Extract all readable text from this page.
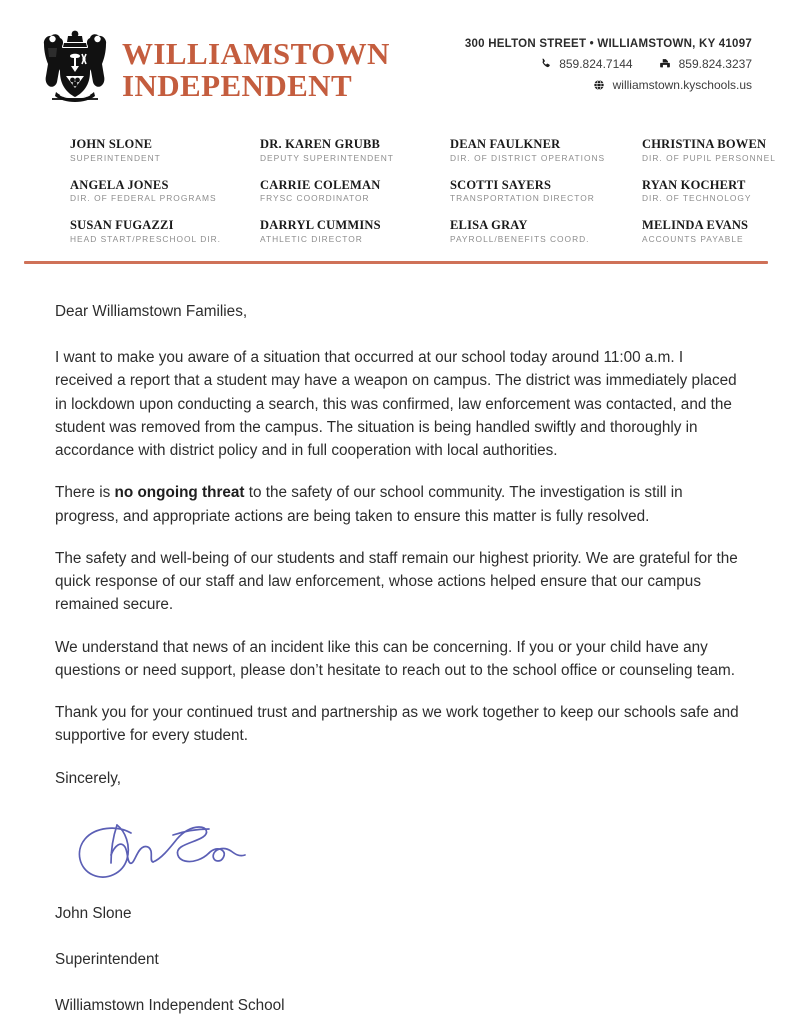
WILLIAMSTOWN
INDEPENDENT
300 HELTON STREET • WILLIAMSTOWN, KY 41097
859.824.7144	859.824.3237
williamstown.kyschools.us
JOHN SLONE
SUPERINTENDENT
DR. KAREN GRUBB
DEPUTY SUPERINTENDENT
DEAN FAULKNER
DIR. OF DISTRICT OPERATIONS
CHRISTINA BOWEN
DIR. OF PUPIL PERSONNEL
ANGELA JONES
DIR. OF FEDERAL PROGRAMS
CARRIE COLEMAN
FRYSC COORDINATOR
SCOTTI SAYERS
TRANSPORTATION DIRECTOR
RYAN KOCHERT
DIR. OF TECHNOLOGY
SUSAN FUGAZZI
HEAD START/PRESCHOOL DIR.
DARRYL CUMMINS
ATHLETIC DIRECTOR
ELISA GRAY
PAYROLL/BENEFITS COORD.
MELINDA EVANS
ACCOUNTS PAYABLE

Dear Williamstown Families,

I want to make you aware of a situation that occurred at our school today around 11:00 a.m. I received a report that a student may have a weapon on campus. The district was immediately placed in lockdown upon conducting a search, this was confirmed, law enforcement was contacted, and the student was removed from the campus. The situation is being handled swiftly and thoroughly in accordance with district policy and in full cooperation with local authorities.

There is no ongoing threat to the safety of our school community. The investigation is still in progress, and appropriate actions are being taken to ensure this matter is fully resolved.

The safety and well-being of our students and staff remain our highest priority. We are grateful for the quick response of our staff and law enforcement, whose actions helped ensure that our campus remained secure.

We understand that news of an incident like this can be concerning. If you or your child have any questions or need support, please don’t hesitate to reach out to the school office or counseling team.

Thank you for your continued trust and partnership as we work together to keep our schools safe and supportive for every student.

Sincerely,

John Slone

Superintendent

Williamstown Independent School
